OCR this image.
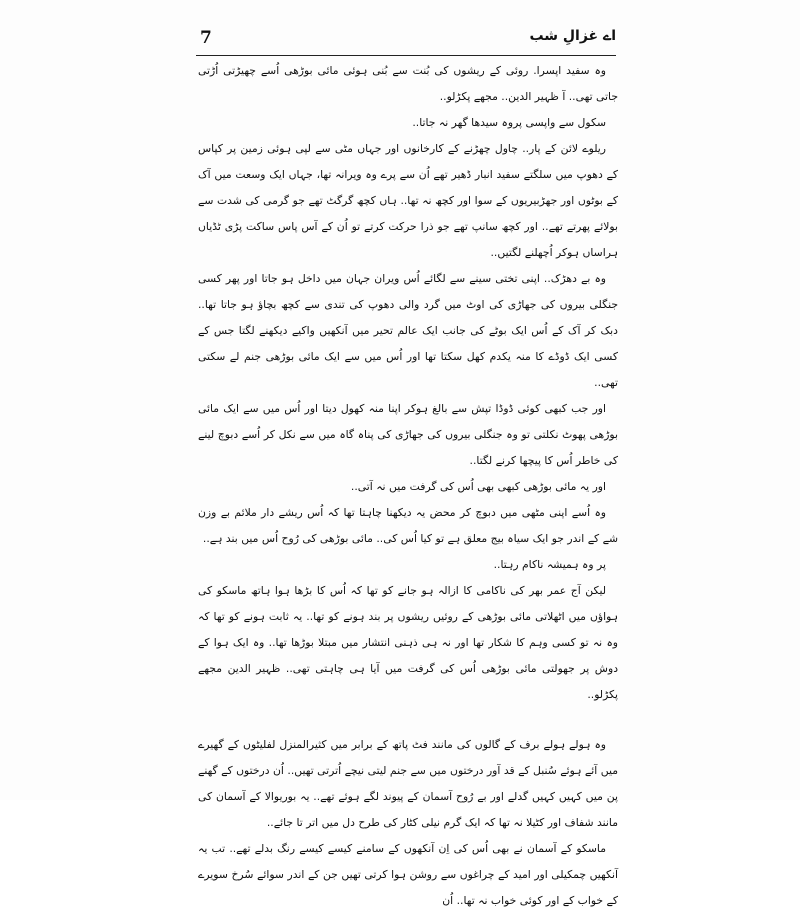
7	اے غزالِ شب

وہ سفید اپسرا. روئی کے ریشوں کی بُنت سے بُنی ہوئی مائی بوڑھی اُسے چھیڑتی اُڑتی جاتی تھی.. آ ظہیر الدین.. مجھے پکڑلو..

سکول سے واپسی پروہ سیدھا گھر نہ جاتا..

ریلوے لائن کے پار.. چاول چھڑنے کے کارخانوں اور جہاں مٹی سے لپی ہوئی زمین پر کپاس کے دھوپ میں سلگتے سفید انبار ڈھیر تھے اُن سے پرے وہ ویرانہ تھا، جہاں ایک وسعت میں آک کے بوٹوں اور جھڑبیریوں کے سوا اور کچھ نہ تھا.. ہاں کچھ گرگٹ تھے جو گرمی کی شدت سے بولائے پھرتے تھے.. اور کچھ سانپ تھے جو ذرا حرکت کرتے تو اُن کے آس پاس ساکت پڑی ٹڈیاں ہراساں ہوکر اُچھلنے لگتیں..

وہ بے دھڑک.. اپنی تختی سینے سے لگائے اُس ویران جہان میں داخل ہو جاتا اور پھر کسی جنگلی بیروں کی جھاڑی کی اوٹ میں گرد والی دھوپ کی تندی سے کچھ بچاؤ ہو جاتا تھا.. دبک کر آک کے اُس ایک بوٹے کی جانب ایک عالم تحیر میں آنکھیں واکیے دیکھنے لگتا جس کے کسی ایک ڈوڈے کا منہ یکدم کھل سکتا تھا اور اُس میں سے ایک مائی بوڑھی جنم لے سکتی تھی..

اور جب کبھی کوئی ڈوڈا تپش سے بالغ ہوکر اپنا منہ کھول دیتا اور اُس میں سے ایک مائی بوڑھی پھوٹ نکلتی تو وہ جنگلی بیروں کی جھاڑی کی پناہ گاہ میں سے نکل کر اُسے دبوچ لینے کی خاطر اُس کا پیچھا کرنے لگتا..

اور یہ مائی بوڑھی کبھی بھی اُس کی گرفت میں نہ آتی..

وہ اُسے اپنی مٹھی میں دبوچ کر محض یہ دیکھنا چاہتا تھا کہ اُس ریشے دار ملائم بے وزن شے کے اندر جو ایک سیاہ بیج معلق ہے تو کیا اُس کی.. مائی بوڑھی کی رُوح اُس میں بند ہے..

پر وہ ہمیشہ ناکام رہتا..

لیکن آج عمر بھر کی ناکامی کا ازالہ ہو جانے کو تھا کہ اُس کا بڑھا ہوا ہاتھ ماسکو کی ہواؤں میں اٹھلاتی مائی بوڑھی کے روئیں ریشوں پر بند ہونے کو تھا.. یہ ثابت ہونے کو تھا کہ وہ نہ تو کسی وہم کا شکار تھا اور نہ ہی ذہنی انتشار میں مبتلا بوڑھا تھا.. وہ ایک ہوا کے دوش پر جھولتی مائی بوڑھی اُس کی گرفت میں آیا ہی چاہتی تھی.. ظہیر الدین مجھے پکڑلو..

وہ ہولے ہولے برف کے گالوں کی مانند فٹ پاتھ کے برابر میں کثیرالمنزل لفلیٹوں کے گھیرے میں آئے ہوئے سُنبل کے قد آور درختوں میں سے جنم لیتی نیچے اُترتی تھیں.. اُن درختوں کے گھنے پن میں کہیں کہیں گدلے اور بے رُوح آسمان کے پیوند لگے ہوئے تھے.. یہ بوریوالا کے آسمان کی مانند شفاف اور کٹیلا نہ تھا کہ ایک گرم نیلی کٹار کی طرح دل میں اتر تا جائے..

ماسکو کے آسمان نے بھی اُس کی اِن آنکھوں کے سامنے کیسے کیسے رنگ بدلے تھے.. تب یہ آنکھیں چمکیلی اور امید کے چراغوں سے روشن ہوا کرتی تھیں جن کے اندر سوائے سُرخ سویرے کے خواب کے اور کوئی خواب نہ تھا.. اُن
